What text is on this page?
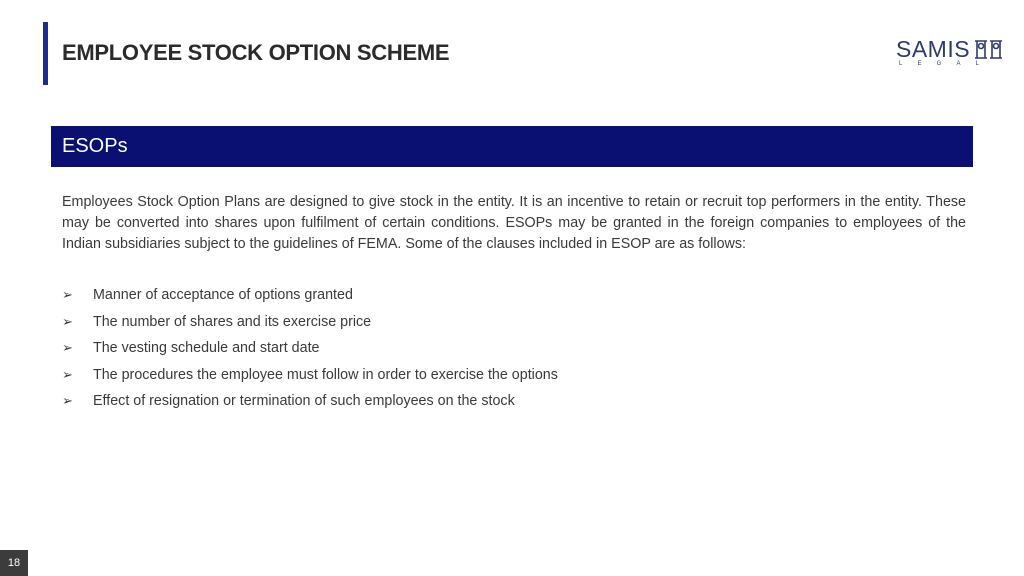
EMPLOYEE STOCK OPTION SCHEME	SAMIS
L	E	G	A	L
ESOPs

Employees Stock Option Plans are designed to give stock in the entity. It is an incentive to retain or recruit top performers in the entity. These may be converted into shares upon fulfilment of certain conditions. ESOPs may be granted in the foreign companies to employees of the Indian subsidiaries subject to the guidelines of FEMA. Some of the clauses included in ESOP are as follows:

➢	Manner of acceptance of options granted
➢	The number of shares and its exercise price
➢	The vesting schedule and start date
➢	The procedures the employee must follow in order to exercise the options
➢	Effect of resignation or termination of such employees on the stock
18
